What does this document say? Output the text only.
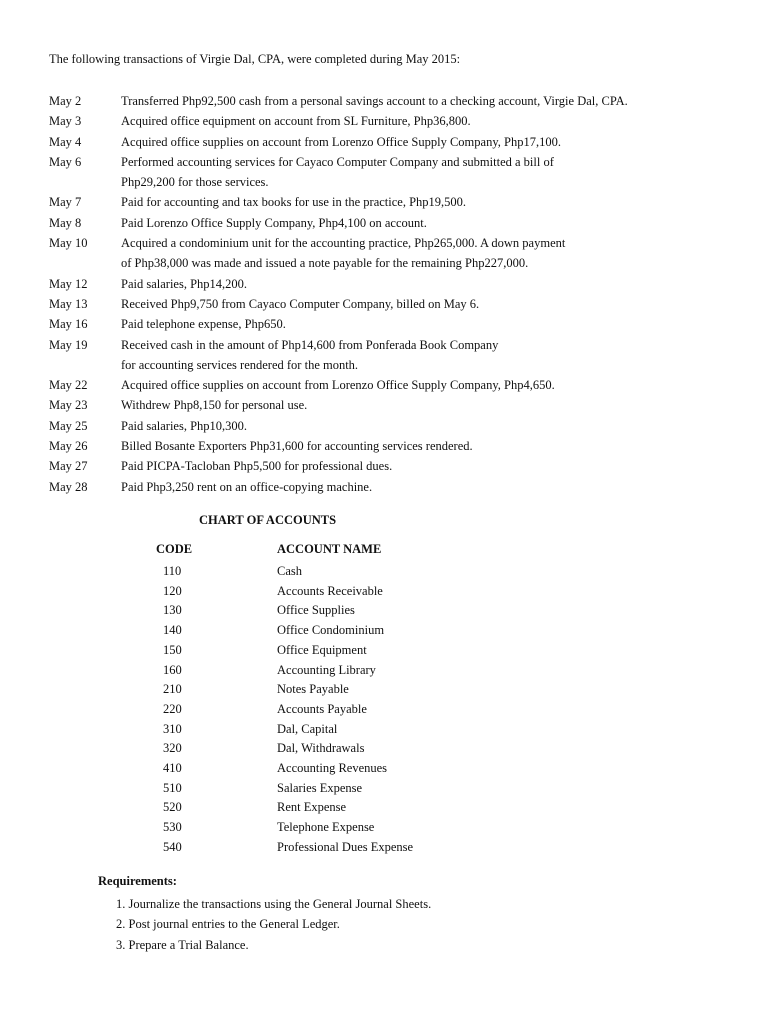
The following transactions of Virgie Dal, CPA, were completed during May 2015:
May 2	Transferred Php92,500 cash from a personal savings account to a checking account, Virgie Dal, CPA.
May 3	Acquired office equipment on account from SL Furniture, Php36,800.
May 4	Acquired office supplies on account from Lorenzo Office Supply Company, Php17,100.
May 6	Performed accounting services for Cayaco Computer Company and submitted a bill of
Php29,200 for those services.
May 7	Paid for accounting and tax books for use in the practice, Php19,500.
May 8	Paid Lorenzo Office Supply Company, Php4,100 on account.
May 10	Acquired a condominium unit for the accounting practice, Php265,000. A down payment
of Php38,000 was made and issued a note payable for the remaining Php227,000.
May 12	Paid salaries, Php14,200.
May 13	Received Php9,750 from Cayaco Computer Company, billed on May 6.
May 16	Paid telephone expense, Php650.
May 19	Received cash in the amount of Php14,600 from Ponferada Book Company
for accounting services rendered for the month.
May 22	Acquired office supplies on account from Lorenzo Office Supply Company, Php4,650.
May 23	Withdrew Php8,150 for personal use.
May 25	Paid salaries, Php10,300.
May 26	Billed Bosante Exporters Php31,600 for accounting services rendered.
May 27	Paid PICPA-Tacloban Php5,500 for professional dues.
May 28	Paid Php3,250 rent on an office-copying machine.
CHART OF ACCOUNTS
CODE	ACCOUNT NAME
110	Cash
120	Accounts Receivable
130	Office Supplies
140	Office Condominium
150	Office Equipment
160	Accounting Library
210	Notes Payable
220	Accounts Payable
310	Dal, Capital
320	Dal, Withdrawals
410	Accounting Revenues
510	Salaries Expense
520	Rent Expense
530	Telephone Expense
540	Professional Dues Expense
Requirements:
1. Journalize the transactions using the General Journal Sheets.
2. Post journal entries to the General Ledger.
3. Prepare a Trial Balance.
